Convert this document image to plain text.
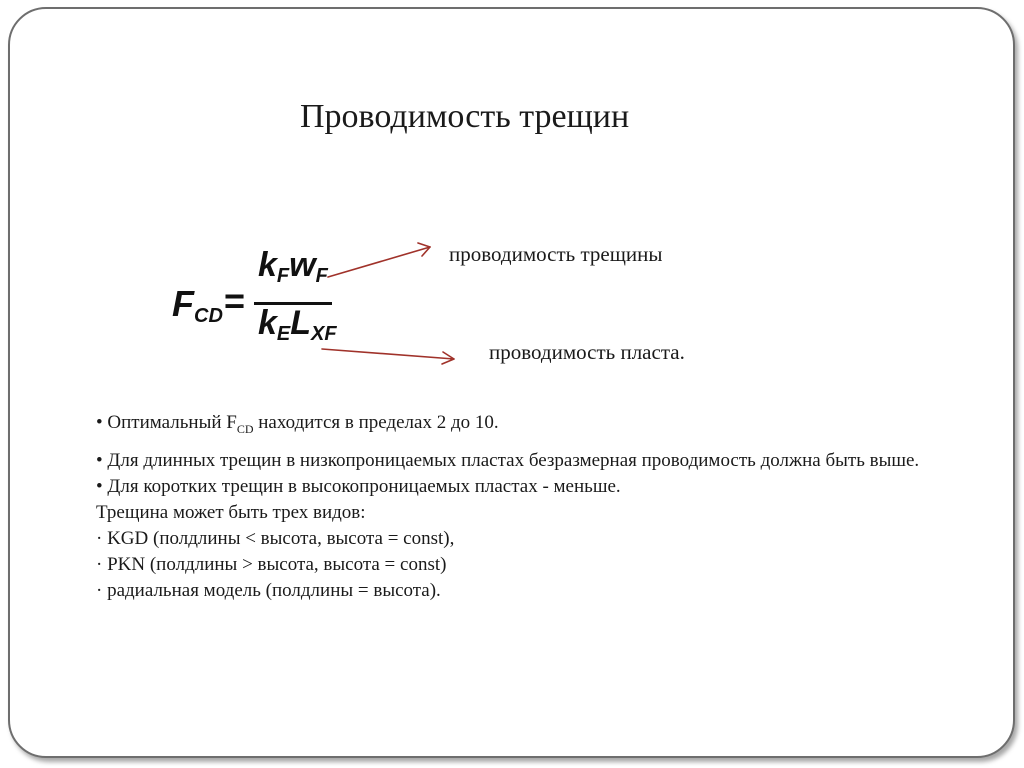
Проводимость трещин
$F_{CD}$ =
$k_Fw_F$
$k_EL_{XF}$
проводимость трещины
проводимость пласта.

• Оптимальный $F_{CD}$ находится в пределах 2 до 10.

• Для длинных трещин в низкопроницаемых пластах безразмерная проводимость должна быть выше.

• Для коротких трещин в высокопроницаемых пластах - меньше.

Трещина может быть трех видов:

· KGD (полдлины < высота, высота = const),

· PKN (полдлины > высота, высота = const)

· радиальная модель (полдлины = высота).
